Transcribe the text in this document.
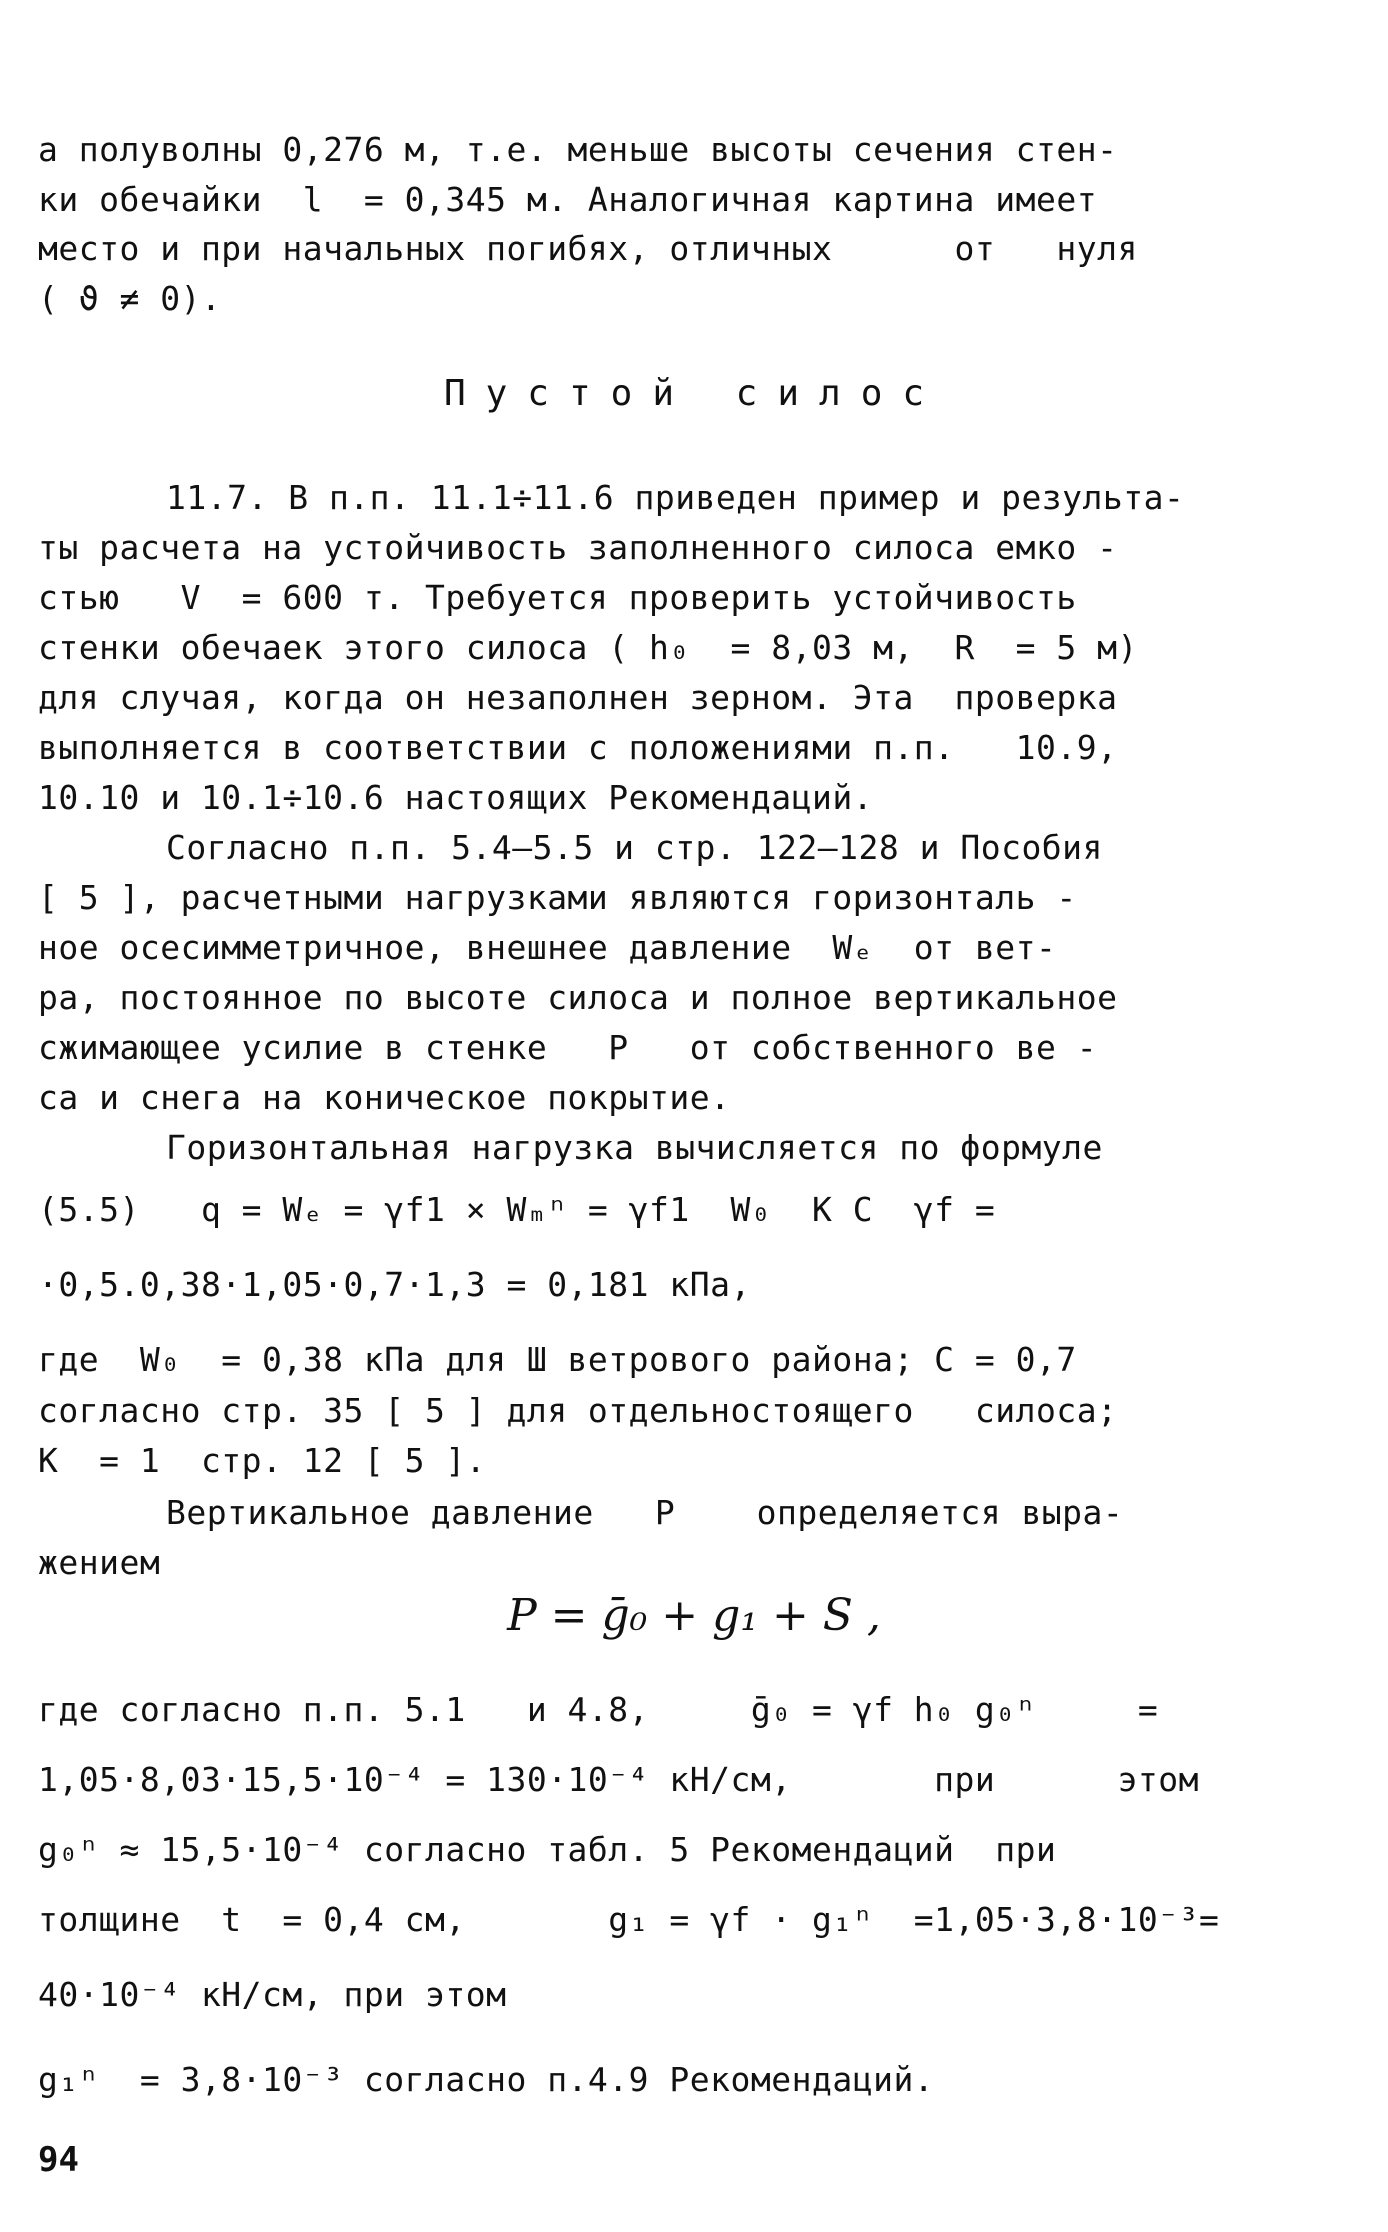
а полуволны 0,276 м, т.е. меньше высоты сечения стен-
ки обечайки  l  = 0,345 м. Аналогичная картина имеет
место и при начальных погибях, отличных      от   нуля
( ϑ ≠ 0).
Пустой силос
11.7. В п.п. 11.1÷11.6 приведен пример и результа-
ты расчета на устойчивость заполненного силоса емко -
стью   V  = 600 т. Требуется проверить устойчивость
стенки обечаек этого силоса ( h₀  = 8,03 м,  R  = 5 м)
для случая, когда он незаполнен зерном. Эта  проверка
выполняется в соответствии с положениями п.п.   10.9,
10.10 и 10.1÷10.6 настоящих Рекомендаций.
Согласно п.п. 5.4–5.5 и стр. 122–128 и Пособия
[ 5 ], расчетными нагрузками являются горизонталь -
ное осесимметричное, внешнее давление  Wₑ  от вет-
ра, постоянное по высоте силоса и полное вертикальное
сжимающее усилие в стенке   P   от собственного ве -
са и снега на коническое покрытие.
Горизонтальная нагрузка вычисляется по формуле
(5.5)   q = Wₑ = γf1 × Wₘⁿ = γf1  W₀  K C  γf =
·0,5.0,38·1,05·0,7·1,3 = 0,181 кПа,
где  W₀  = 0,38 кПа для Ш ветрового района; С = 0,7
согласно стр. 35 [ 5 ] для отдельностоящего   силоса;
K  = 1  стр. 12 [ 5 ].
Вертикальное давление   P    определяется выра-
жением
P = ḡ₀ + g₁ + S ,
где согласно п.п. 5.1   и 4.8,     ḡ₀ = γf h₀ g₀ⁿ     =
1,05·8,03·15,5·10⁻⁴ = 130·10⁻⁴ кН/см,       при      этом
g₀ⁿ ≈ 15,5·10⁻⁴ согласно табл. 5 Рекомендаций  при
толщине  t  = 0,4 см,       g₁ = γf · g₁ⁿ  =1,05·3,8·10⁻³=
40·10⁻⁴ кН/см, при этом
g₁ⁿ  = 3,8·10⁻³ согласно п.4.9 Рекомендаций.
94
